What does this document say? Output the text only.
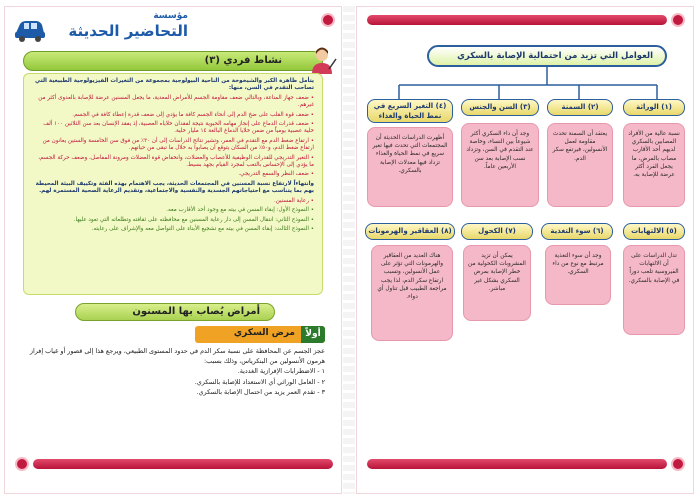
مؤسسة
التحاضير الحديثة
نشاط فردي (٣)

يتأمل ظاهرة الكبر والشيخوخة من الناحية البيولوجية بمجموعة من التغيرات الفيزيولوجية الطبيعية التي تصاحب التقدم في السن، منها:

• ضعف جهاز المناعة، وبالتالي ضعف مقاومة الجسم للأمراض المعدية، ما يجعل المسنين عرضة للإصابة بالعدوى أكثر من غيرهم.

• ضعف قوة القلب على ضخ الدم إلى أنحاء الجسم كافة ما يؤدي إلى ضعف قدرة إعطاء كافة في الجسم.

• ضعف قدرات الدماغ على إنجاز مهامه الحيوية نتيجة لفقدان خلاياه العصبية، إذ يفقد الإنسان بعد سن الثلاثين ١٠٠ ألف خلية عصبية يومياً من ضمن خلايا الدماغ البالغة ١٤ مليار خلية.

• ارتفاع ضغط الدم مع التقدم في العمر، وتشير نتائج الدراسات إلى أن ٣٠٪ من فوق سن الخامسة والستين يعانون من ارتفاع ضغط الدم، و٥٠٪ من السكان يتوقع أن يصابوا به خلال ما تبقى من حياتهم.

• التغير التدريجي للقدرات الوظيفية للأعصاب والعضلات، وانخفاض قوة العضلات ومرونة المفاصل، وضعف حركة الجسم، ما يؤدي إلى الإحساس بالتعب لمجرد القيام بجهد بسيط.

• ضعف النظر والسمع التدريجي.

وانتهاءاً لارتفاع نسبة المسنين في المجتمعات الحديثة، يجب الاهتمام بهذه الفئة وتكييف البيئة المحيطة بهم بما يتناسب مع احتياجاتهم الجسدية والنفسية والاجتماعية، وتقديم الرعاية الصحية المستمرة لهم.

• رعاية المسنين.

• النموذج الأول: إبقاء المسن في بيته مع وجود أحد الأقارب معه.

• النموذج الثاني: انتقال المسن إلى دار رعاية المسنين مع محافظته على ثقافته وتطلعاته التي تعود عليها.

• النموذج الثالث: إبقاء المسن في بيته مع تشجيع الأبناء على التواصل معه والإشراف على رعايته.

أمراض يُصاب بها المسنون
أولاً
مرض السكري

عجز الجسم عن المحافظة على نسبة سكر الدم في حدود المستوى الطبيعي، ويرجع هذا إلى قصور أو غياب إفراز

هرمون الأنسولين من البنكرياس، وذلك بسبب:

١ - الاضطرابات الإفرازية الغددية.

٢ - العامل الوراثي أي الاستعداد للإصابة بالسكري.

٣ - تقدم العمر يزيد من احتمال الإصابة بالسكري.

العوامل التي تزيد من احتمالية الإصابة بالسكري
(١) الوراثة

نسبة عالية من الأفراد المصابين بالسكري لديهم أحد الأقارب مصاب بالمرض، ما يجعل الفرد أكثر عرضة للإصابة به.

(٢) السمنة

يعتقد أن السمنة تحدث مقاومة لعمل الأنسولين، فيرتفع سكر الدم.

(٣) السن والجنس

وجد أن داء السكري أكثر شيوعاً بين النساء، وخاصة عند التقدم في السن، وتزداد نسب الإصابة بعد سن الأربعين عاماً.

(٤) التغير السريع في نمط الحياة والغذاء

أظهرت الدراسات الحديثة أن المجتمعات التي تحدث فيها تغير سريع في نمط الحياة والغذاء تزداد فيها معدلات الإصابة بالسكري.

(٥) الالتهابات

تدل الدراسات على أن الالتهابات الفيروسية تلعب دوراً في الإصابة بالسكري.

(٦) سوء التغذية

وجد أن سوء التغذية مرتبط مع نوع من داء السكري.

(٧) الكحول

يمكن أن تزيد المشروبات الكحولية من خطر الإصابة بمرض السكري بشكل غير مباشر.

(٨) العقاقير والهرمونات

هناك العديد من العقاقير والهرمونات التي تؤثر على عمل الأنسولين، وتسبب ارتفاع سكر الدم، لذا يجب مراجعة الطبيب قبل تناول أي دواء.
